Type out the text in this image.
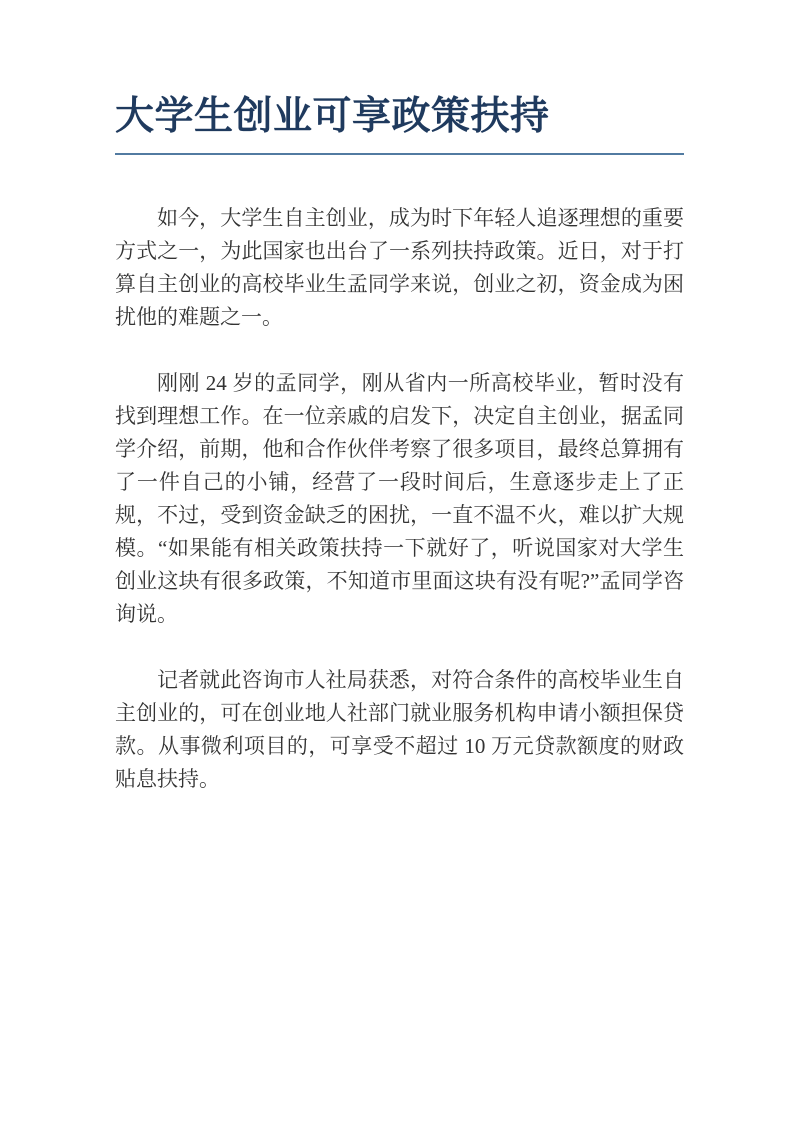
大学生创业可享政策扶持

如今，大学生自主创业，成为时下年轻人追逐理想的重要方式之一，为此国家也出台了一系列扶持政策。近日，对于打算自主创业的高校毕业生孟同学来说，创业之初，资金成为困扰他的难题之一。

刚刚 24 岁的孟同学，刚从省内一所高校毕业，暂时没有找到理想工作。在一位亲戚的启发下，决定自主创业，据孟同学介绍，前期，他和合作伙伴考察了很多项目，最终总算拥有了一件自己的小铺，经营了一段时间后，生意逐步走上了正规，不过，受到资金缺乏的困扰，一直不温不火，难以扩大规模。“如果能有相关政策扶持一下就好了，听说国家对大学生创业这块有很多政策，不知道市里面这块有没有呢?”孟同学咨询说。

记者就此咨询市人社局获悉，对符合条件的高校毕业生自主创业的，可在创业地人社部门就业服务机构申请小额担保贷款。从事微利项目的，可享受不超过 10 万元贷款额度的财政贴息扶持。
